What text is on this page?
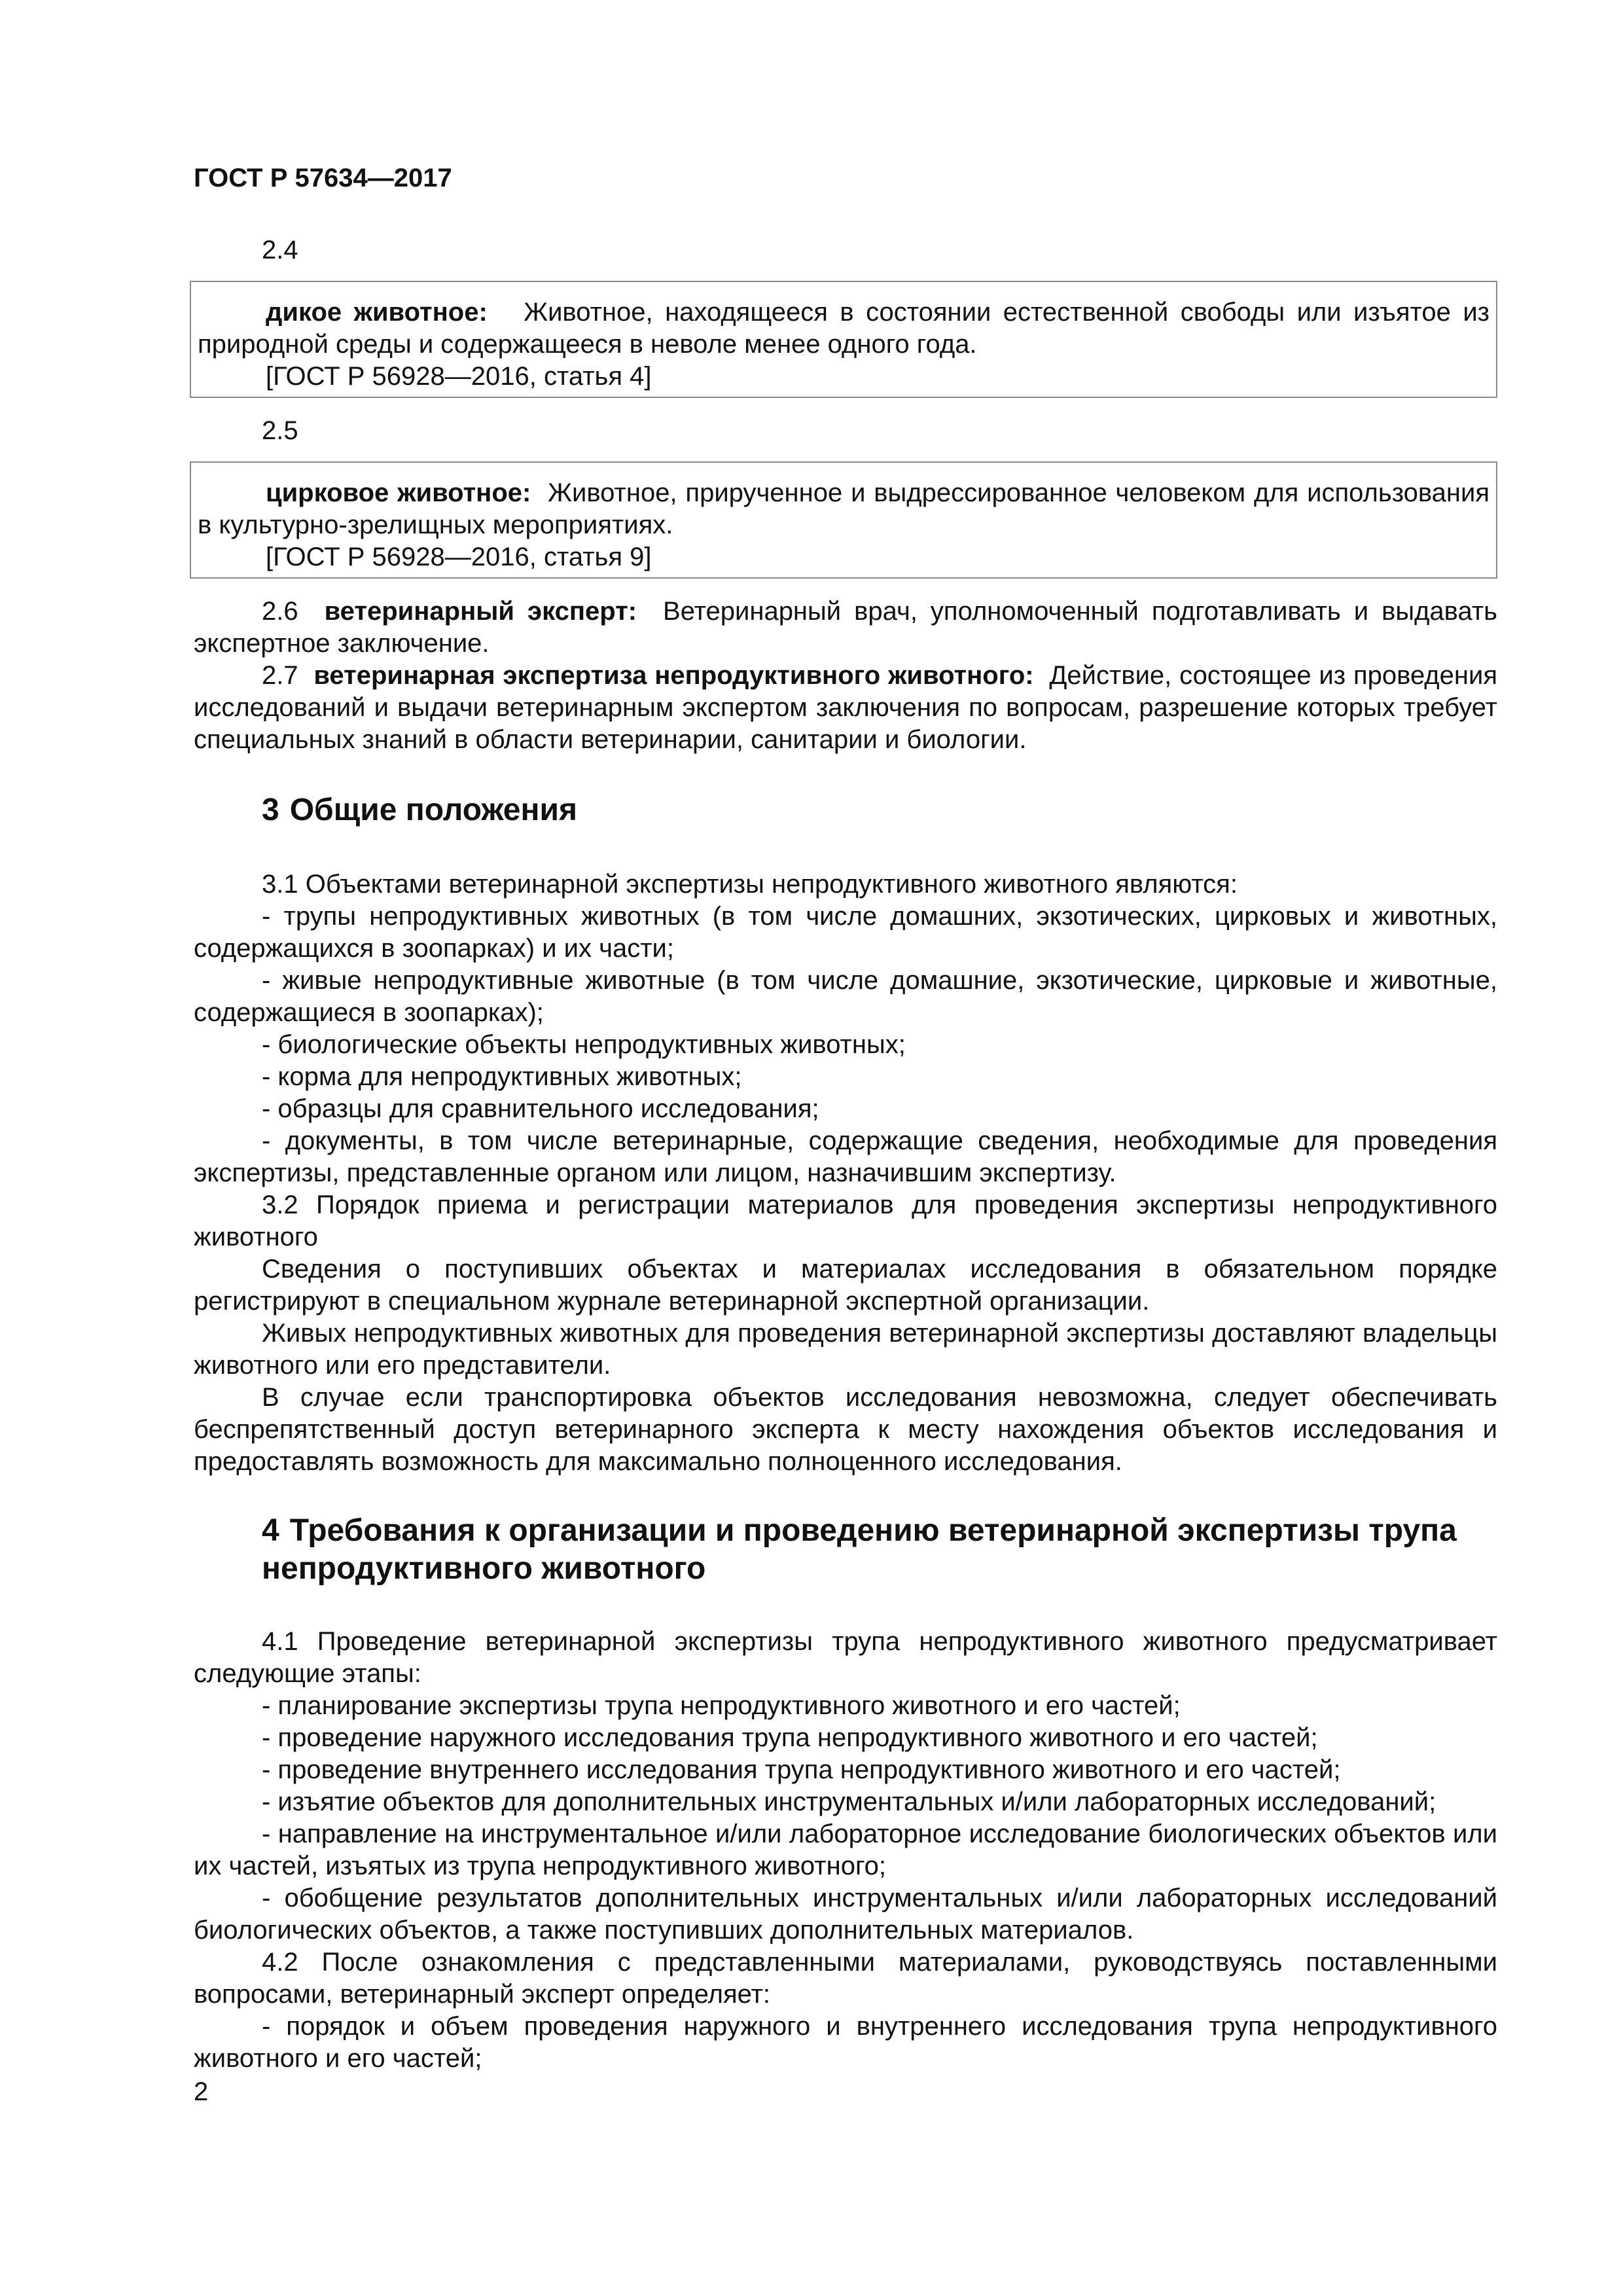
ГОСТ Р 57634—2017
2.4

дикое животное: Животное, находящееся в состоянии естественной свободы или изъятое из природной среды и содержащееся в неволе менее одного года.

[ГОСТ Р 56928—2016, статья 4]

2.5

цирковое животное: Животное, прирученное и выдрессированное человеком для использования в культурно-зрелищных мероприятиях.

[ГОСТ Р 56928—2016, статья 9]

2.6 ветеринарный эксперт: Ветеринарный врач, уполномоченный подготавливать и выдавать экспертное заключение.

2.7 ветеринарная экспертиза непродуктивного животного: Действие, состоящее из проведения исследований и выдачи ветеринарным экспертом заключения по вопросам, разрешение которых требует специальных знаний в области ветеринарии, санитарии и биологии.

3 Общие положения

3.1 Объектами ветеринарной экспертизы непродуктивного животного являются:

- трупы непродуктивных животных (в том числе домашних, экзотических, цирковых и животных, содержащихся в зоопарках) и их части;

- живые непродуктивные животные (в том числе домашние, экзотические, цирковые и животные, содержащиеся в зоопарках);

- биологические объекты непродуктивных животных;

- корма для непродуктивных животных;

- образцы для сравнительного исследования;

- документы, в том числе ветеринарные, содержащие сведения, необходимые для проведения экспертизы, представленные органом или лицом, назначившим экспертизу.

3.2 Порядок приема и регистрации материалов для проведения экспертизы непродуктивного животного

Сведения о поступивших объектах и материалах исследования в обязательном порядке регистрируют в специальном журнале ветеринарной экспертной организации.

Живых непродуктивных животных для проведения ветеринарной экспертизы доставляют владельцы животного или его представители.

В случае если транспортировка объектов исследования невозможна, следует обеспечивать беспрепятственный доступ ветеринарного эксперта к месту нахождения объектов исследования и предоставлять возможность для максимально полноценного исследования.

4 Требования к организации и проведению ветеринарной экспертизы трупа непродуктивного животного

4.1 Проведение ветеринарной экспертизы трупа непродуктивного животного предусматривает следующие этапы:

- планирование экспертизы трупа непродуктивного животного и его частей;

- проведение наружного исследования трупа непродуктивного животного и его частей;

- проведение внутреннего исследования трупа непродуктивного животного и его частей;

- изъятие объектов для дополнительных инструментальных и/или лабораторных исследований;

- направление на инструментальное и/или лабораторное исследование биологических объектов или их частей, изъятых из трупа непродуктивного животного;

- обобщение результатов дополнительных инструментальных и/или лабораторных исследований биологических объектов, а также поступивших дополнительных материалов.

4.2 После ознакомления с представленными материалами, руководствуясь поставленными вопросами, ветеринарный эксперт определяет:

- порядок и объем проведения наружного и внутреннего исследования трупа непродуктивного животного и его частей;

2
